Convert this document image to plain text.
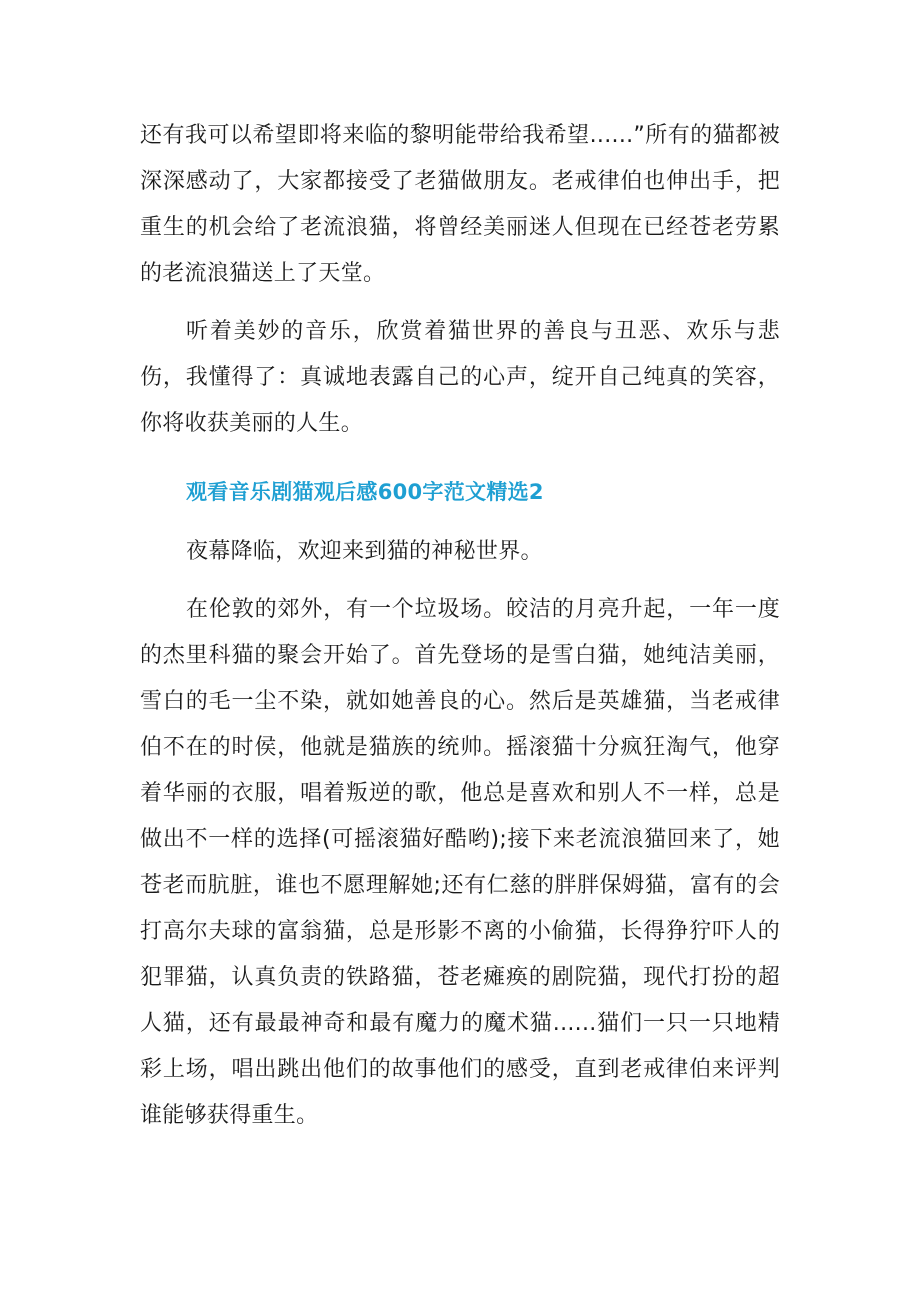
还有我可以希望即将来临的黎明能带给我希望......”所有的猫都被深深感动了，大家都接受了老猫做朋友。老戒律伯也伸出手，把重生的机会给了老流浪猫，将曾经美丽迷人但现在已经苍老劳累的老流浪猫送上了天堂。

听着美妙的音乐，欣赏着猫世界的善良与丑恶、欢乐与悲伤，我懂得了：真诚地表露自己的心声，绽开自己纯真的笑容，你将收获美丽的人生。

观看音乐剧猫观后感600字范文精选2

夜幕降临，欢迎来到猫的神秘世界。

在伦敦的郊外，有一个垃圾场。皎洁的月亮升起，一年一度的杰里科猫的聚会开始了。首先登场的是雪白猫，她纯洁美丽，雪白的毛一尘不染，就如她善良的心。然后是英雄猫，当老戒律伯不在的时侯，他就是猫族的统帅。摇滚猫十分疯狂淘气，他穿着华丽的衣服，唱着叛逆的歌，他总是喜欢和别人不一样，总是做出不一样的选择(可摇滚猫好酷哟);接下来老流浪猫回来了，她苍老而肮脏，谁也不愿理解她;还有仁慈的胖胖保姆猫，富有的会打高尔夫球的富翁猫，总是形影不离的小偷猫，长得狰狞吓人的犯罪猫，认真负责的铁路猫，苍老瘫痪的剧院猫，现代打扮的超人猫，还有最最神奇和最有魔力的魔术猫......猫们一只一只地精彩上场，唱出跳出他们的故事他们的感受，直到老戒律伯来评判谁能够获得重生。
